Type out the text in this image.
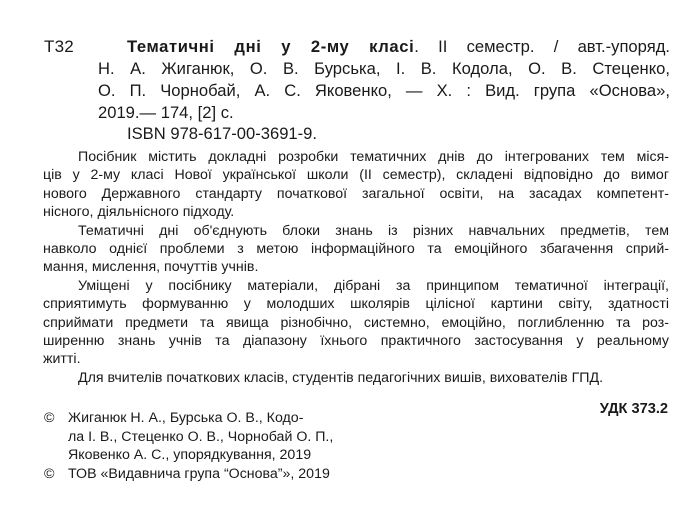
Т32	Тематичні дні у 2-му класі. ІІ семестр. / авт.-упоряд.
Н. А. Жиганюк, О. В. Бурська, І. В. Кодола, О. В. Стеценко,
О. П. Чорнобай, А. С. Яковенко, — Х. : Вид. група «Основа»,
2019.— 174, [2] с.
ISBN 978-617-00-3691-9.
Посібник містить докладні розробки тематичних днів до інтегрованих тем міся-
ців у 2-му класі Нової української школи (ІІ семестр), складені відповідно до вимог
нового Державного стандарту початкової загальної освіти, на засадах компетент-
нісного, діяльнісного підходу.
Тематичні дні об'єднують блоки знань із різних навчальних предметів, тем
навколо однієї проблеми з метою інформаційного та емоційного збагачення сприй-
мання, мислення, почуттів учнів.
Уміщені у посібнику матеріали, дібрані за принципом тематичної інтеграції,
сприятимуть формуванню у молодших школярів цілісної картини світу, здатності
сприймати предмети та явища різнобічно, системно, емоційно, поглибленню та роз-
ширенню знань учнів та діапазону їхнього практичного застосування у реальному
житті.
Для вчителів початкових класів, студентів педагогічних вишів, вихователів ГПД.
УДК 373.2
© Жиганюк Н. А., Бурська О. В., Кодо-
ла І. В., Стеценко О. В., Чорнобай О. П.,
Яковенко А. С., упорядкування, 2019
© ТОВ «Видавнича група “Основа”», 2019
